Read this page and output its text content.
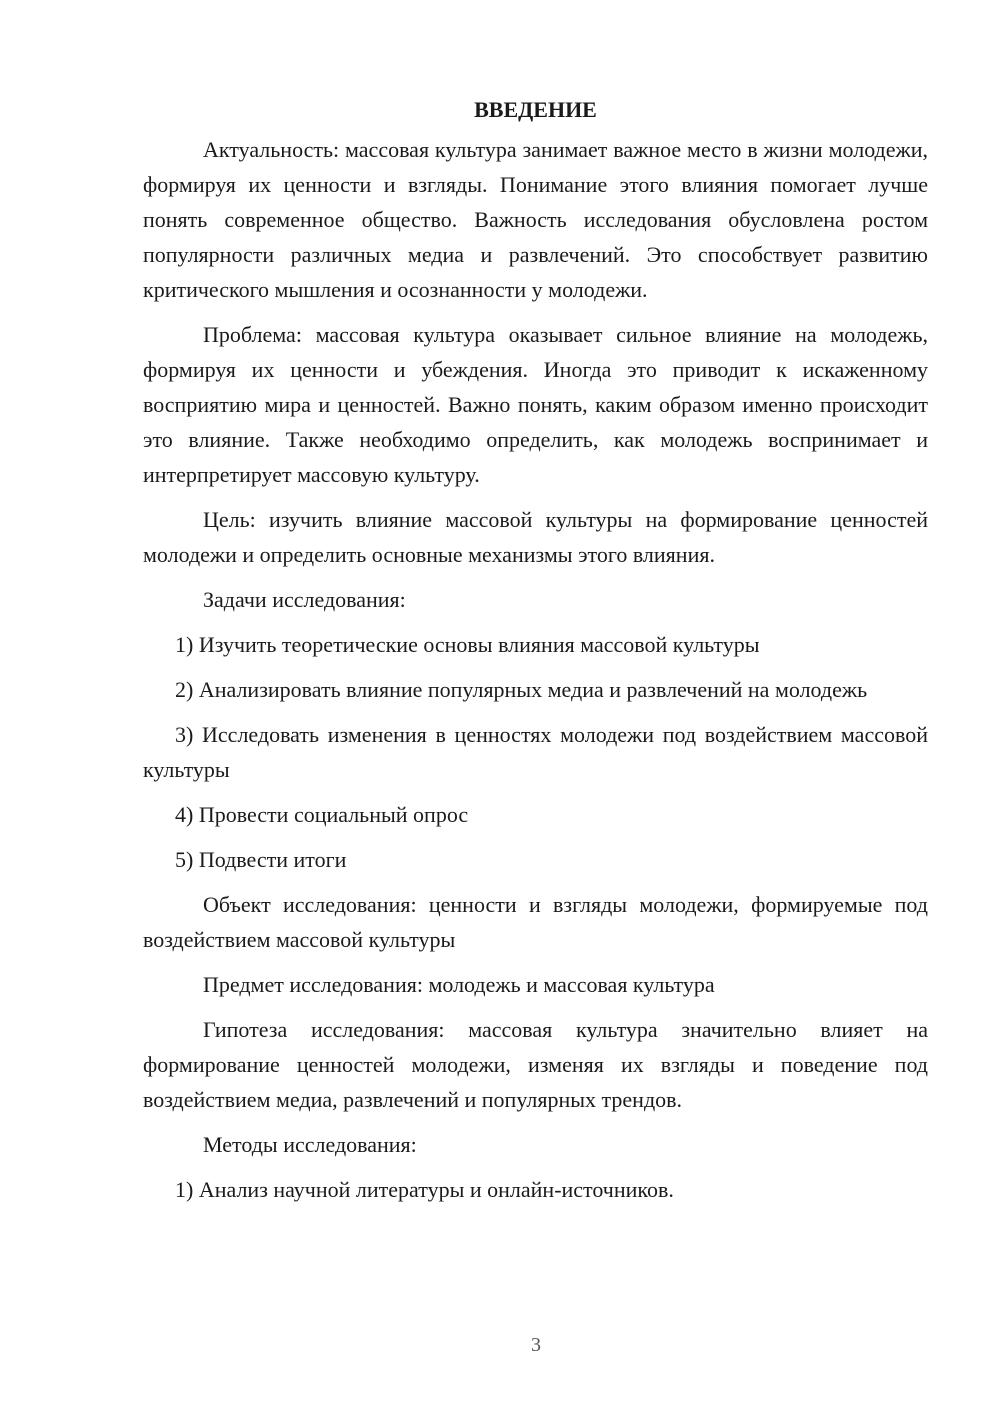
ВВЕДЕНИЕ

Актуальность: массовая культура занимает важное место в жизни молодежи, формируя их ценности и взгляды. Понимание этого влияния помогает лучше понять современное общество. Важность исследования обусловлена ростом популярности различных медиа и развлечений. Это способствует развитию критического мышления и осознанности у молодежи.

Проблема: массовая культура оказывает сильное влияние на молодежь, формируя их ценности и убеждения. Иногда это приводит к искаженному восприятию мира и ценностей. Важно понять, каким образом именно происходит это влияние. Также необходимо определить, как молодежь воспринимает и интерпретирует массовую культуру.

Цель: изучить влияние массовой культуры на формирование ценностей молодежи и определить основные механизмы этого влияния.

Задачи исследования:

1) Изучить теоретические основы влияния массовой культуры

2) Анализировать влияние популярных медиа и развлечений на молодежь

3) Исследовать изменения в ценностях молодежи под воздействием массовой культуры

4) Провести социальный опрос

5) Подвести итоги

Объект исследования: ценности и взгляды молодежи, формируемые под воздействием массовой культуры

Предмет исследования: молодежь и массовая культура

Гипотеза исследования: массовая культура значительно влияет на формирование ценностей молодежи, изменяя их взгляды и поведение под воздействием медиа, развлечений и популярных трендов.

Методы исследования:

1) Анализ научной литературы и онлайн-источников.

3
